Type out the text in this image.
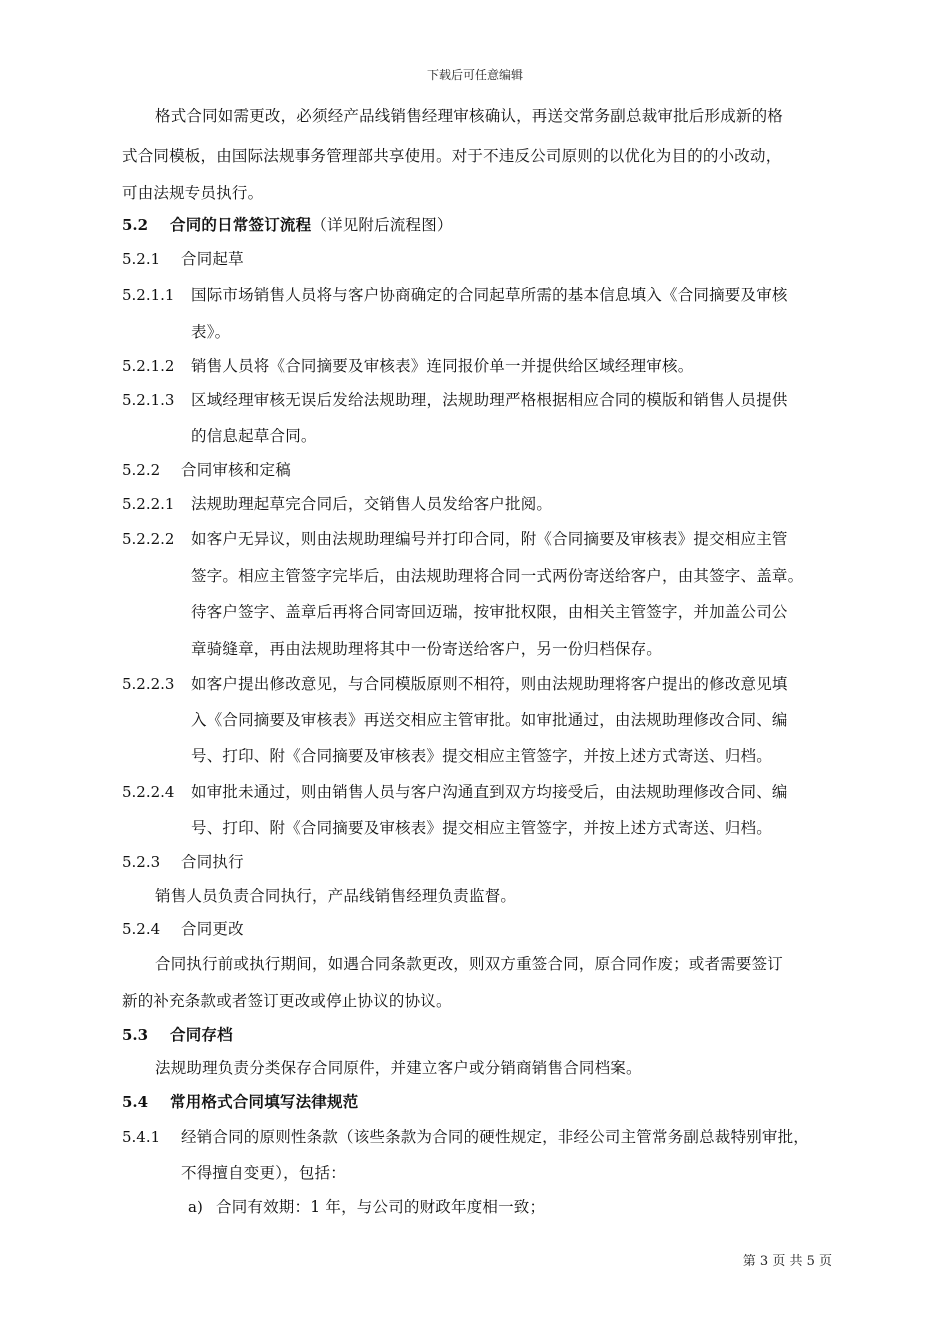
下载后可任意编辑
格式合同如需更改，必须经产品线销售经理审核确认，再送交常务副总裁审批后形成新的格
式合同模板，由国际法规事务管理部共享使用。对于不违反公司原则的以优化为目的的小改动，
可由法规专员执行。
5.2 合同的日常签订流程（详见附后流程图）
5.2.1 合同起草
5.2.1.1 国际市场销售人员将与客户协商确定的合同起草所需的基本信息填入《合同摘要及审核
表》。
5.2.1.2 销售人员将《合同摘要及审核表》连同报价单一并提供给区域经理审核。
5.2.1.3 区域经理审核无误后发给法规助理，法规助理严格根据相应合同的模版和销售人员提供
的信息起草合同。
5.2.2 合同审核和定稿
5.2.2.1 法规助理起草完合同后，交销售人员发给客户批阅。
5.2.2.2 如客户无异议，则由法规助理编号并打印合同，附《合同摘要及审核表》提交相应主管
签字。相应主管签字完毕后，由法规助理将合同一式两份寄送给客户，由其签字、盖章。
待客户签字、盖章后再将合同寄回迈瑞，按审批权限，由相关主管签字，并加盖公司公
章骑缝章，再由法规助理将其中一份寄送给客户，另一份归档保存。
5.2.2.3 如客户提出修改意见，与合同模版原则不相符，则由法规助理将客户提出的修改意见填
入《合同摘要及审核表》再送交相应主管审批。如审批通过，由法规助理修改合同、编
号、打印、附《合同摘要及审核表》提交相应主管签字，并按上述方式寄送、归档。
5.2.2.4 如审批未通过，则由销售人员与客户沟通直到双方均接受后，由法规助理修改合同、编
号、打印、附《合同摘要及审核表》提交相应主管签字，并按上述方式寄送、归档。
5.2.3 合同执行
销售人员负责合同执行，产品线销售经理负责监督。
5.2.4 合同更改
合同执行前或执行期间，如遇合同条款更改，则双方重签合同，原合同作废；或者需要签订
新的补充条款或者签订更改或停止协议的协议。
5.3 合同存档
法规助理负责分类保存合同原件，并建立客户或分销商销售合同档案。
5.4 常用格式合同填写法律规范
5.4.1 经销合同的原则性条款（该些条款为合同的硬性规定，非经公司主管常务副总裁特别审批，
不得擅自变更），包括：
a) 合同有效期：1 年，与公司的财政年度相一致；
第 3 页 共 5 页
